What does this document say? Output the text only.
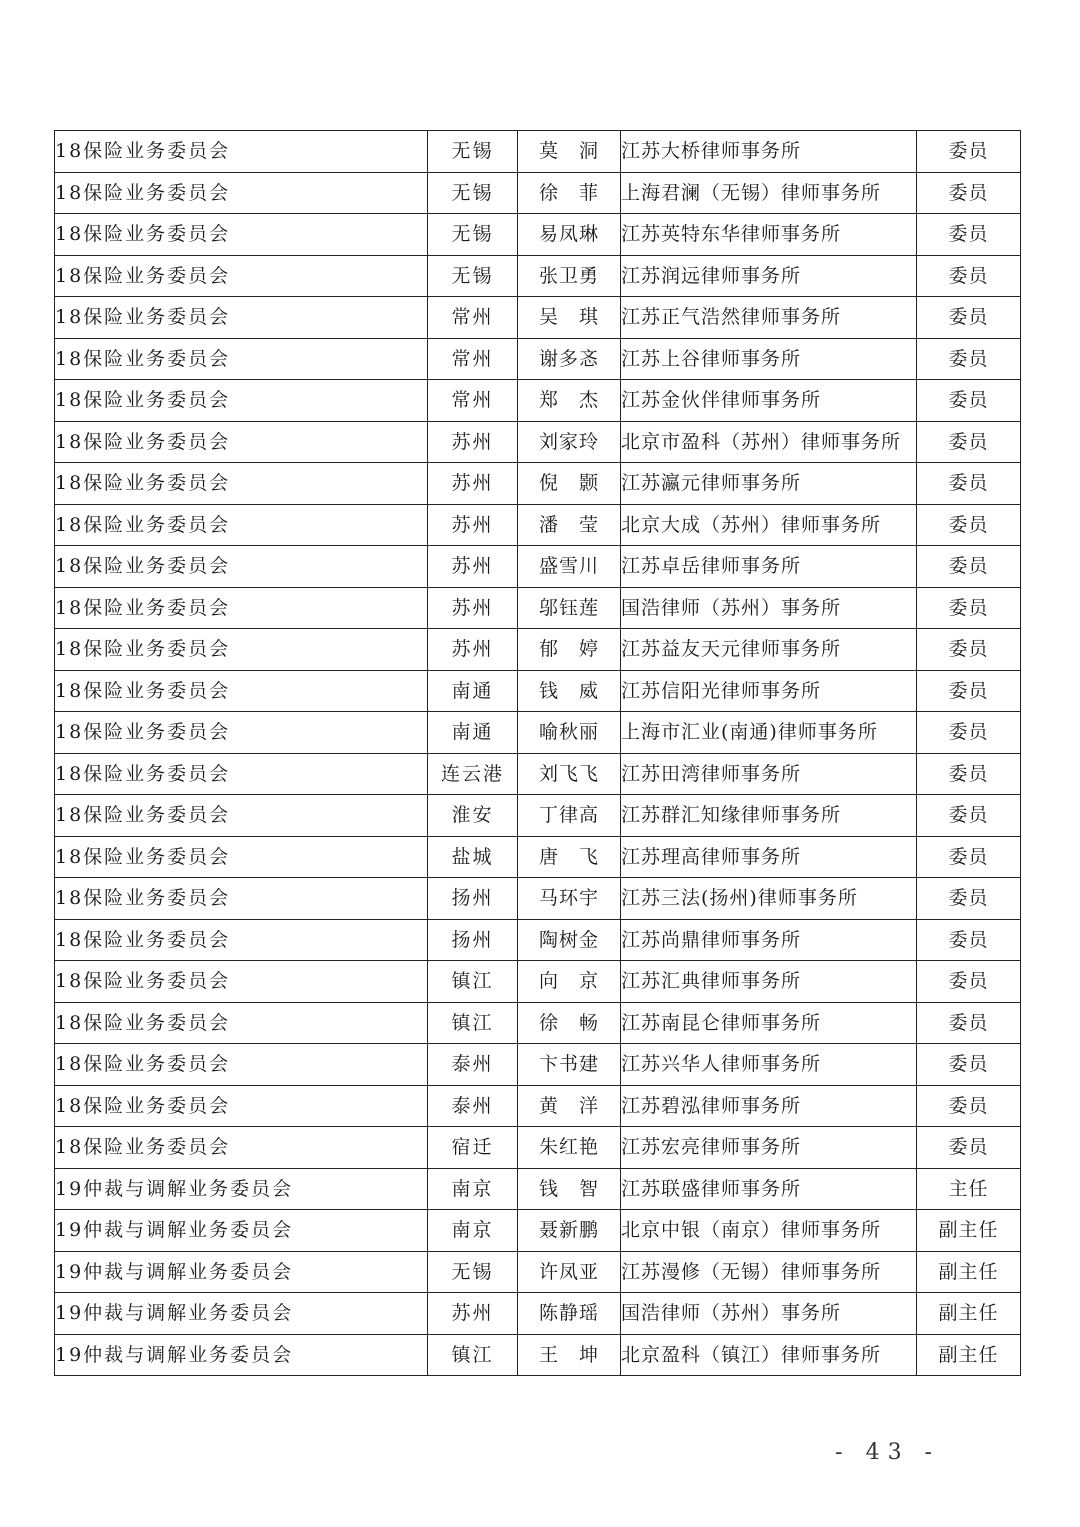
18保险业务委员会	无锡	莫　洞	江苏大桥律师事务所	委员
18保险业务委员会	无锡	徐　菲	上海君澜（无锡）律师事务所	委员
18保险业务委员会	无锡	易凤琳	江苏英特东华律师事务所	委员
18保险业务委员会	无锡	张卫勇	江苏润远律师事务所	委员
18保险业务委员会	常州	吴　琪	江苏正气浩然律师事务所	委员
18保险业务委员会	常州	谢多忞	江苏上谷律师事务所	委员
18保险业务委员会	常州	郑　杰	江苏金伙伴律师事务所	委员
18保险业务委员会	苏州	刘家玲	北京市盈科（苏州）律师事务所	委员
18保险业务委员会	苏州	倪　颢	江苏瀛元律师事务所	委员
18保险业务委员会	苏州	潘　莹	北京大成（苏州）律师事务所	委员
18保险业务委员会	苏州	盛雪川	江苏卓岳律师事务所	委员
18保险业务委员会	苏州	邬钰莲	国浩律师（苏州）事务所	委员
18保险业务委员会	苏州	郁　婷	江苏益友天元律师事务所	委员
18保险业务委员会	南通	钱　威	江苏信阳光律师事务所	委员
18保险业务委员会	南通	喻秋丽	上海市汇业(南通)律师事务所	委员
18保险业务委员会	连云港	刘飞飞	江苏田湾律师事务所	委员
18保险业务委员会	淮安	丁律高	江苏群汇知缘律师事务所	委员
18保险业务委员会	盐城	唐　飞	江苏理高律师事务所	委员
18保险业务委员会	扬州	马环宇	江苏三法(扬州)律师事务所	委员
18保险业务委员会	扬州	陶树金	江苏尚鼎律师事务所	委员
18保险业务委员会	镇江	向　京	江苏汇典律师事务所	委员
18保险业务委员会	镇江	徐　畅	江苏南昆仑律师事务所	委员
18保险业务委员会	泰州	卞书建	江苏兴华人律师事务所	委员
18保险业务委员会	泰州	黄　洋	江苏碧泓律师事务所	委员
18保险业务委员会	宿迁	朱红艳	江苏宏亮律师事务所	委员
19仲裁与调解业务委员会	南京	钱　智	江苏联盛律师事务所	主任
19仲裁与调解业务委员会	南京	聂新鹏	北京中银（南京）律师事务所	副主任
19仲裁与调解业务委员会	无锡	许凤亚	江苏漫修（无锡）律师事务所	副主任
19仲裁与调解业务委员会	苏州	陈静瑶	国浩律师（苏州）事务所	副主任
19仲裁与调解业务委员会	镇江	王　坤	北京盈科（镇江）律师事务所	副主任
- 43 -
